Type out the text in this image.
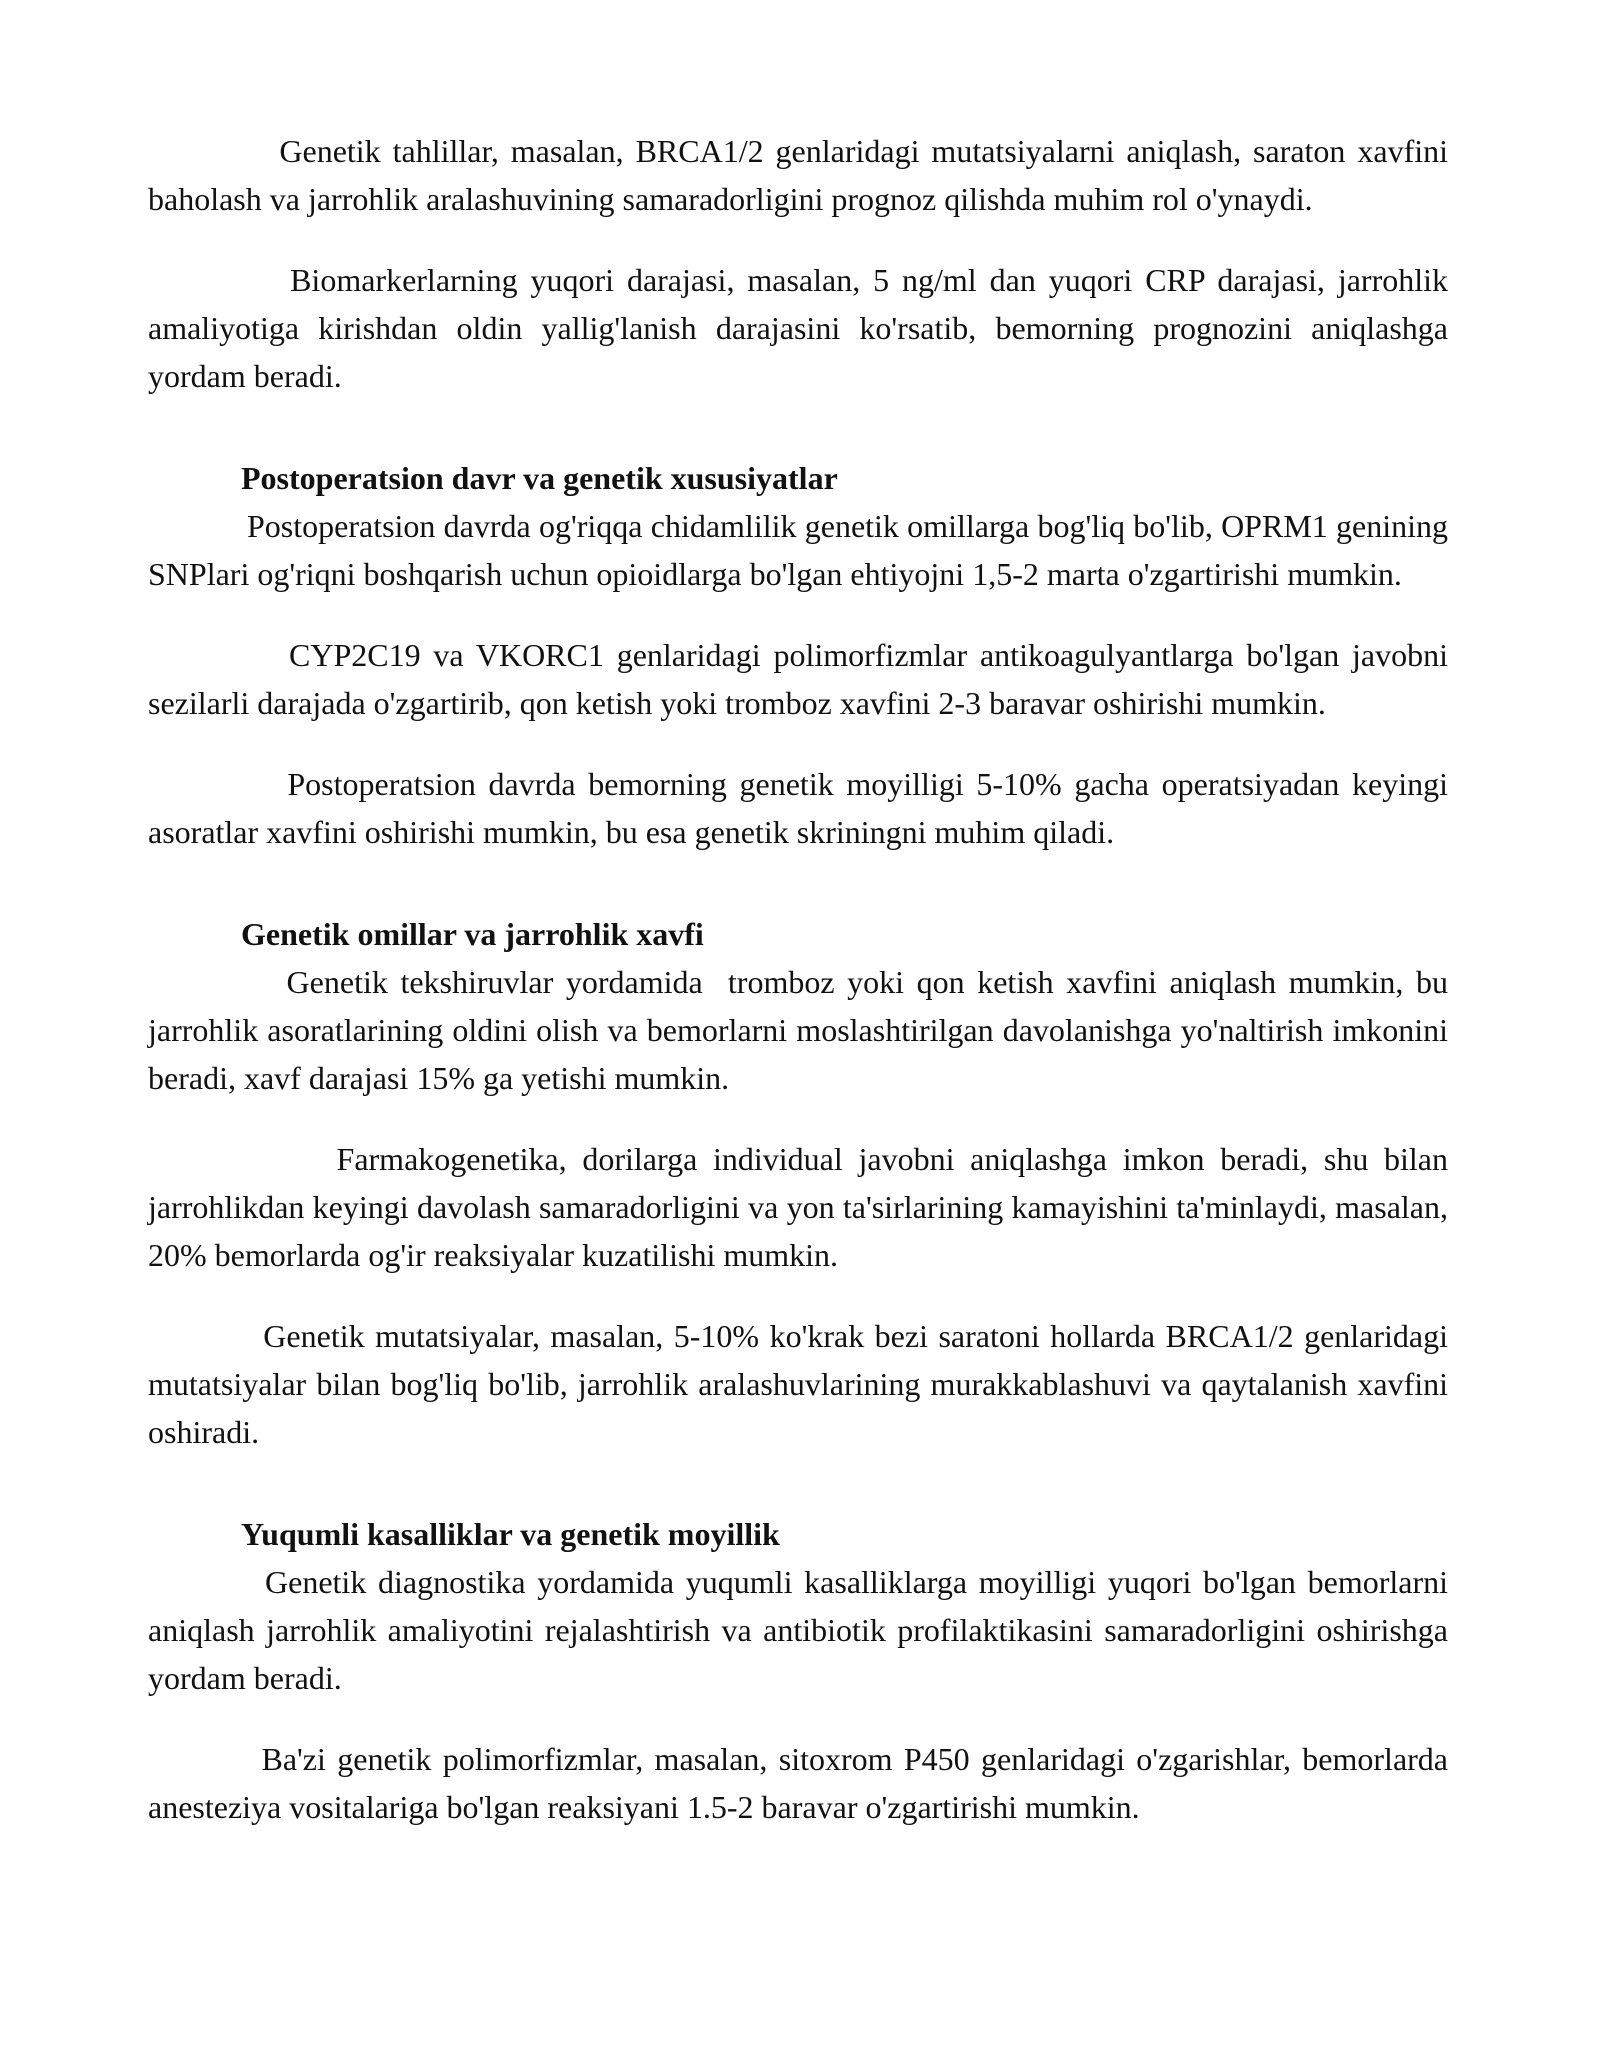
Genetik tahlillar, masalan, BRCA1/2 genlaridagi mutatsiyalarni aniqlash, saraton xavfini  baholash va jarrohlik aralashuvining samaradorligini prognoz qilishda muhim rol o'ynaydi.

Biomarkerlarning yuqori darajasi, masalan, 5 ng/ml dan yuqori CRP darajasi, jarrohlik amaliyotiga kirishdan oldin yallig'lanish darajasini ko'rsatib, bemorning prognozini aniqlashga yordam beradi.

Postoperatsion davr va genetik xususiyatlar

Postoperatsion davrda og'riqqa chidamlilik genetik omillarga bog'liq bo'lib, OPRM1 genining  SNPlari og'riqni boshqarish uchun opioidlarga bo'lgan ehtiyojni 1,5-2 marta o'zgartirishi mumkin.

CYP2C19 va VKORC1 genlaridagi polimorfizmlar antikoagulyantlarga bo'lgan javobni sezilarli darajada o'zgartirib, qon ketish yoki tromboz xavfini 2-3 baravar oshirishi mumkin.

Postoperatsion davrda bemorning genetik moyilligi 5-10% gacha operatsiyadan keyingi asoratlar xavfini oshirishi mumkin, bu esa genetik skriningni muhim qiladi.

Genetik omillar va jarrohlik xavfi

Genetik tekshiruvlar yordamida  tromboz yoki qon ketish xavfini aniqlash mumkin, bu jarrohlik asoratlarining oldini olish va bemorlarni moslashtirilgan davolanishga yo'naltirish imkonini beradi, xavf darajasi 15% ga yetishi mumkin.

Farmakogenetika, dorilarga individual javobni aniqlashga imkon beradi, shu bilan jarrohlikdan keyingi davolash samaradorligini va yon ta'sirlarining kamayishini ta'minlaydi, masalan, 20% bemorlarda og'ir reaksiyalar kuzatilishi mumkin.

Genetik mutatsiyalar, masalan, 5-10% ko'krak bezi saratoni hollarda BRCA1/2 genlaridagi mutatsiyalar bilan bog'liq bo'lib, jarrohlik aralashuvlarining murakkablashuvi va qaytalanish xavfini oshiradi.

Yuqumli kasalliklar va genetik moyillik

Genetik diagnostika yordamida yuqumli kasalliklarga moyilligi yuqori bo'lgan bemorlarni aniqlash jarrohlik amaliyotini rejalashtirish va antibiotik profilaktikasini samaradorligini oshirishga yordam beradi.

Ba'zi genetik polimorfizmlar, masalan, sitoxrom P450 genlaridagi o'zgarishlar, bemorlarda anesteziya vositalariga bo'lgan reaksiyani 1.5-2 baravar o'zgartirishi mumkin.
